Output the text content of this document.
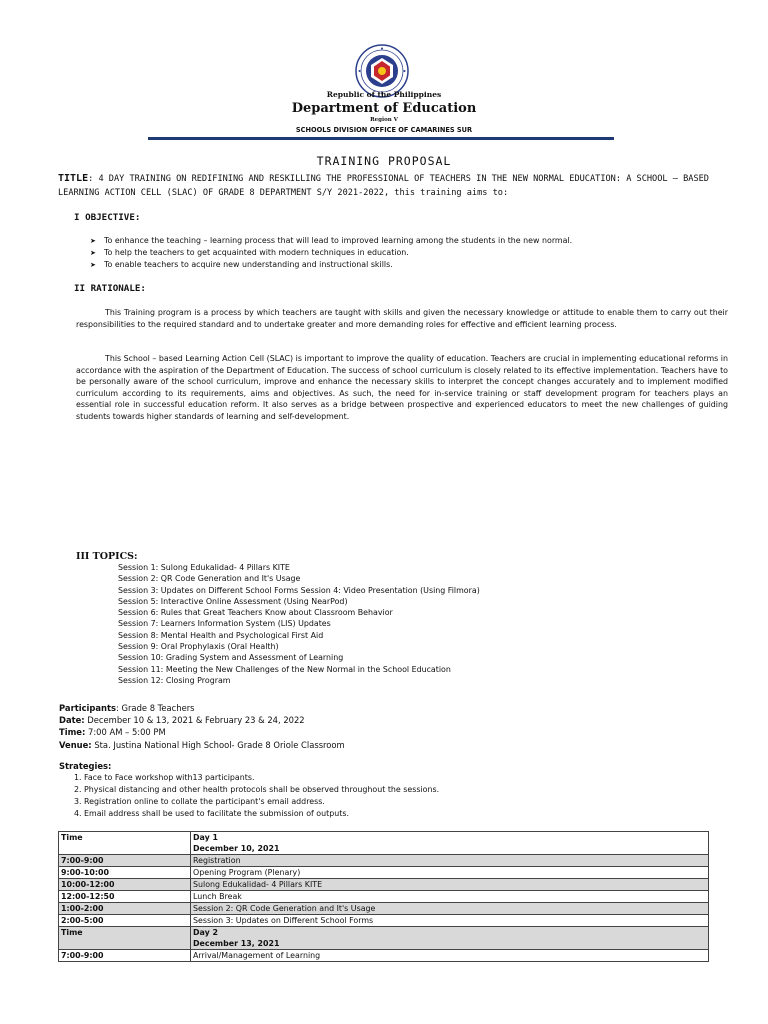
Republic of the Philippines
Department of Education
Region V
SCHOOLS DIVISION OFFICE OF CAMARINES SUR
TRAINING PROPOSAL

TITLE: 4 DAY TRAINING ON REDIFINING AND RESKILLING THE PROFESSIONAL OF TEACHERS IN THE NEW NORMAL EDUCATION: A SCHOOL – BASED LEARNING ACTION CELL (SLAC) OF GRADE 8 DEPARTMENT S/Y 2021-2022, this training aims to:

I OBJECTIVE:
➤ To enhance the teaching – learning process that will lead to improved learning among the students in the new normal.
➤ To help the teachers to get acquainted with modern techniques in education.
➤ To enable teachers to acquire new understanding and instructional skills.
II RATIONALE:

This Training program is a process by which teachers are taught with skills and given the necessary knowledge or attitude to enable them to carry out their responsibilities to the required standard and to undertake greater and more demanding roles for effective and efficient learning process.

This School – based Learning Action Cell (SLAC) is important to improve the quality of education. Teachers are crucial in implementing educational reforms in accordance with the aspiration of the Department of Education. The success of school curriculum is closely related to its effective implementation. Teachers have to be personally aware of the school curriculum, improve and enhance the necessary skills to interpret the concept changes accurately and to implement modified curriculum according to its requirements, aims and objectives. As such, the need for in-service training or staff development program for teachers plays an essential role in successful education reform. It also serves as a bridge between prospective and experienced educators to meet the new challenges of guiding students towards higher standards of learning and self-development.

III TOPICS:
Session 1: Sulong Edukalidad- 4 Pillars KITE
Session 2: QR Code Generation and It's Usage
Session 3: Updates on Different School Forms Session 4: Video Presentation (Using Filmora)
Session 5: Interactive Online Assessment (Using NearPod)
Session 6: Rules that Great Teachers Know about Classroom Behavior
Session 7: Learners Information System (LIS) Updates
Session 8: Mental Health and Psychological First Aid
Session 9: Oral Prophylaxis (Oral Health)
Session 10: Grading System and Assessment of Learning
Session 11: Meeting the New Challenges of the New Normal in the School Education
Session 12: Closing Program
Participants: Grade 8 Teachers
Date: December 10 & 13, 2021 & February 23 & 24, 2022
Time: 7:00 AM – 5:00 PM
Venue: Sta. Justina National High School- Grade 8 Oriole Classroom
Strategies:
1. Face to Face workshop with13 participants.
2. Physical distancing and other health protocols shall be observed throughout the sessions.
3. Registration online to collate the participant's email address.
4. Email address shall be used to facilitate the submission of outputs.
Time	Day 1
December 10, 2021

7:00-9:00	Registration
9:00-10:00	Opening Program (Plenary)
10:00-12:00	Sulong Edukalidad- 4 Pillars KITE
12:00-12:50	Lunch Break
1:00-2:00	Session 2: QR Code Generation and It's Usage
2:00-5:00	Session 3: Updates on Different School Forms
Time	Day 2
December 13, 2021

7:00-9:00	Arrival/Management of Learning
